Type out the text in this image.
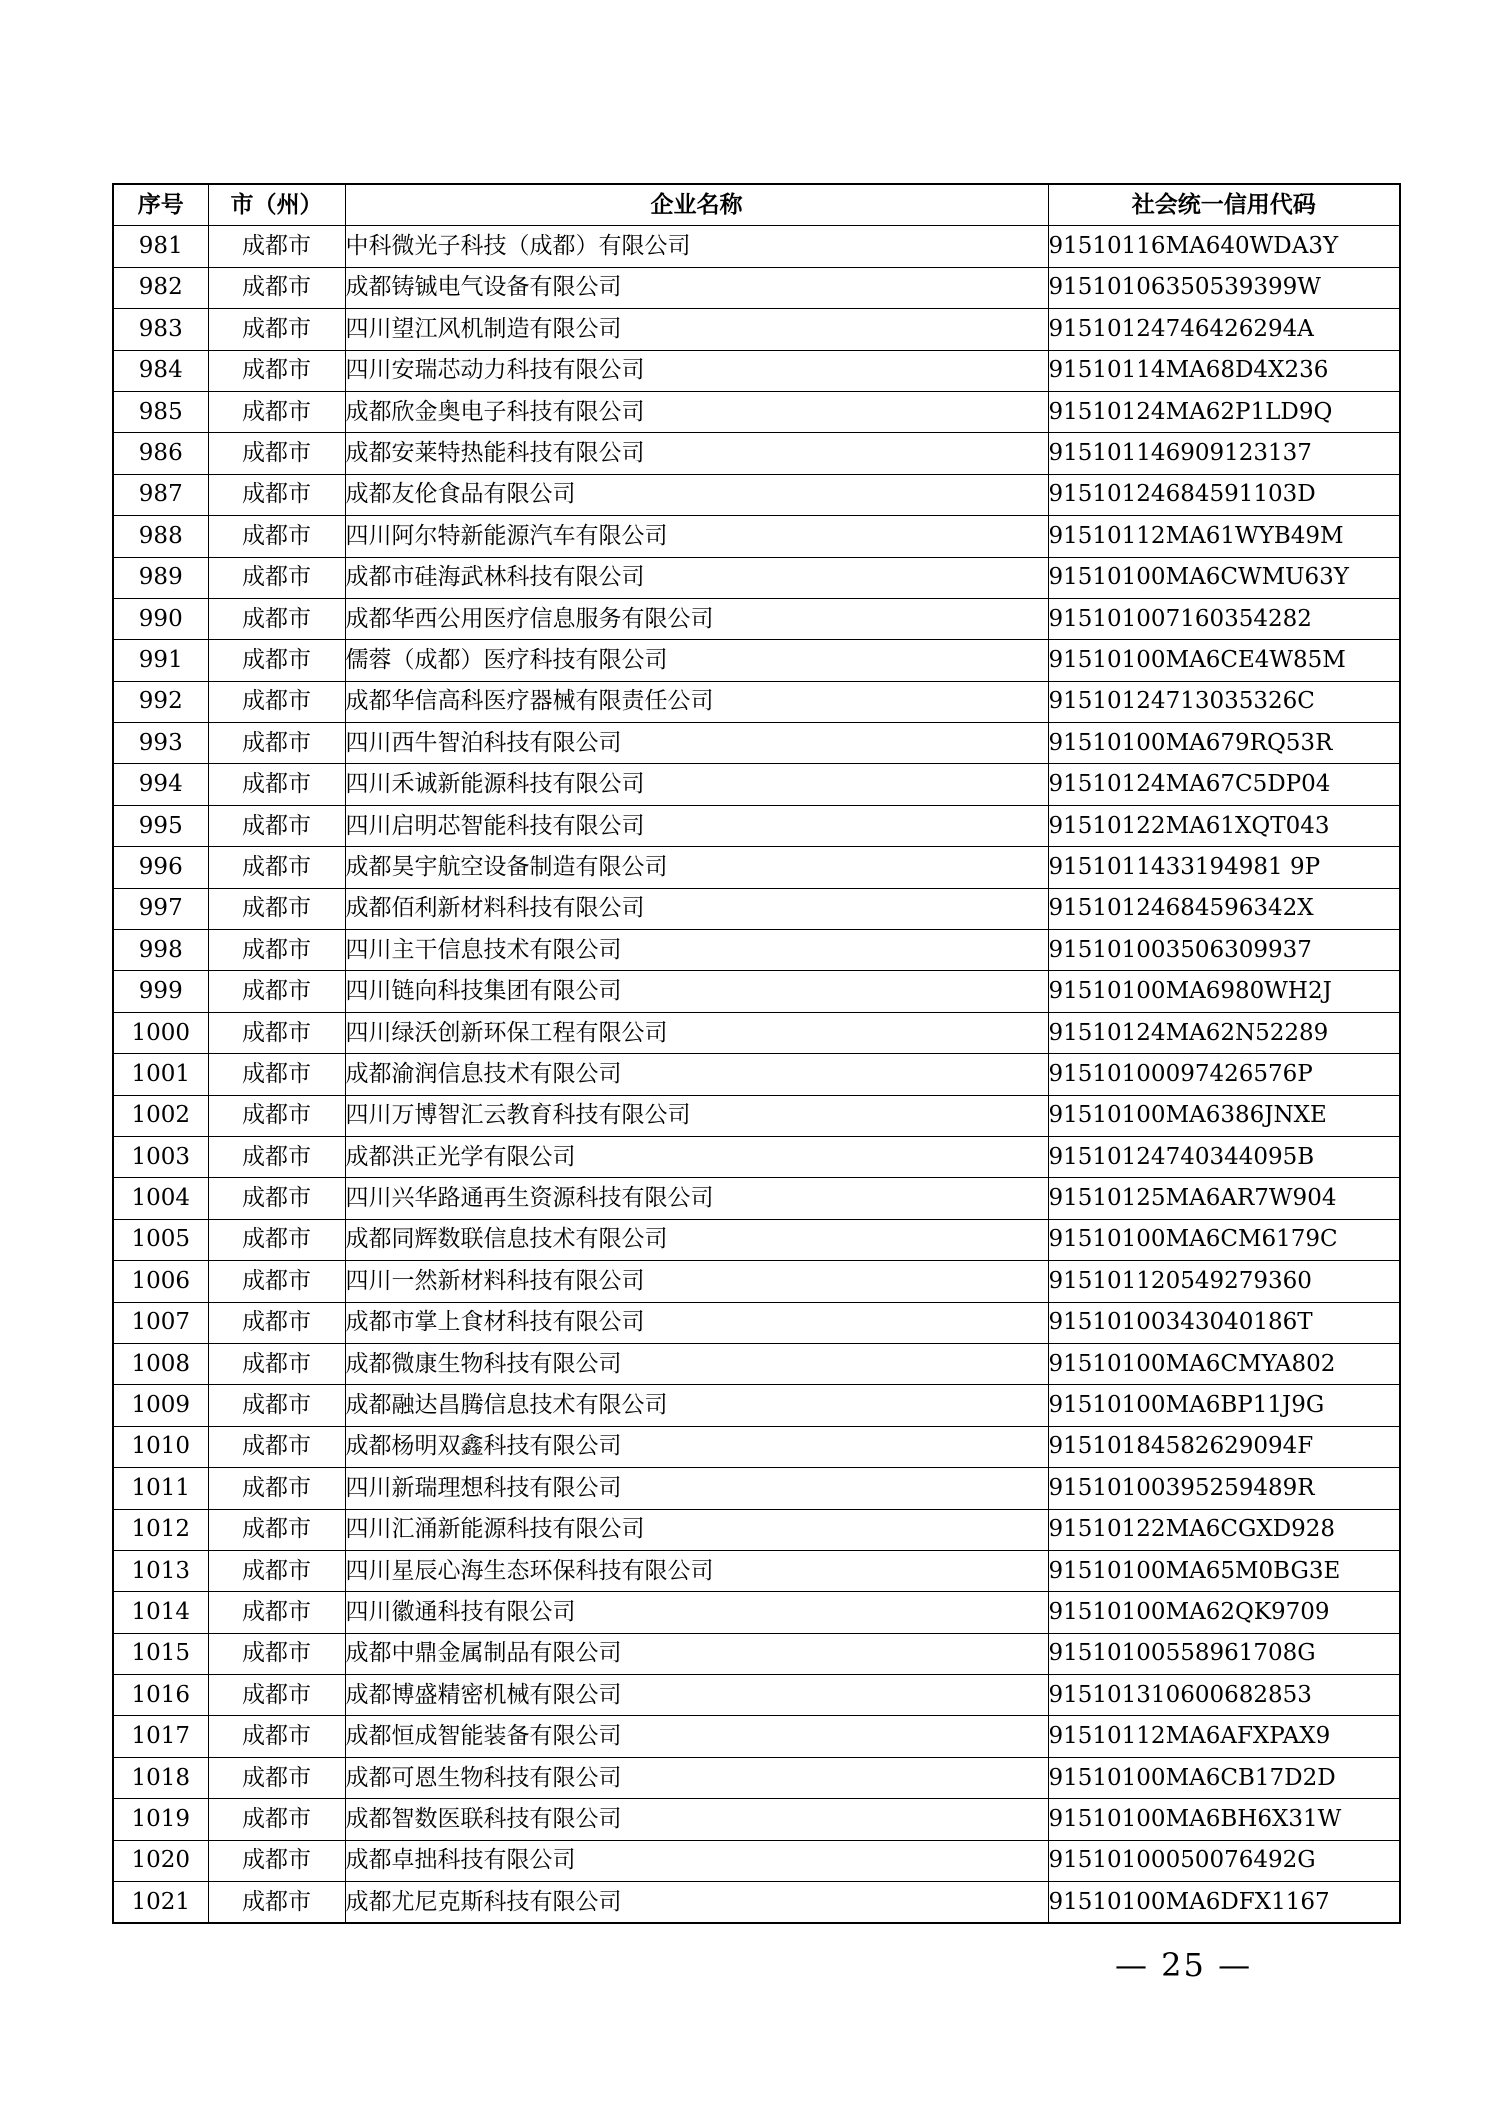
序号	市（州）	企业名称	社会统一信用代码
981	成都市	中科微光子科技（成都）有限公司	91510116MA640WDA3Y
982	成都市	成都铸铖电气设备有限公司	91510106350539399W
983	成都市	四川望江风机制造有限公司	91510124746426294A
984	成都市	四川安瑞芯动力科技有限公司	91510114MA68D4X236
985	成都市	成都欣金奥电子科技有限公司	91510124MA62P1LD9Q
986	成都市	成都安莱特热能科技有限公司	915101146909123137
987	成都市	成都友伦食品有限公司	91510124684591103D
988	成都市	四川阿尔特新能源汽车有限公司	91510112MA61WYB49M
989	成都市	成都市硅海武林科技有限公司	91510100MA6CWMU63Y
990	成都市	成都华西公用医疗信息服务有限公司	915101007160354282
991	成都市	儒蓉（成都）医疗科技有限公司	91510100MA6CE4W85M
992	成都市	成都华信高科医疗器械有限责任公司	91510124713035326C
993	成都市	四川西牛智泊科技有限公司	91510100MA679RQ53R
994	成都市	四川禾诚新能源科技有限公司	91510124MA67C5DP04
995	成都市	四川启明芯智能科技有限公司	91510122MA61XQT043
996	成都市	成都昊宇航空设备制造有限公司	9151011433194981 9P
997	成都市	成都佰利新材料科技有限公司	91510124684596342X
998	成都市	四川主干信息技术有限公司	915101003506309937
999	成都市	四川链向科技集团有限公司	91510100MA6980WH2J
1000	成都市	四川绿沃创新环保工程有限公司	91510124MA62N52289
1001	成都市	成都渝润信息技术有限公司	91510100097426576P
1002	成都市	四川万博智汇云教育科技有限公司	91510100MA6386JNXE
1003	成都市	成都洪正光学有限公司	91510124740344095B
1004	成都市	四川兴华路通再生资源科技有限公司	91510125MA6AR7W904
1005	成都市	成都同辉数联信息技术有限公司	91510100MA6CM6179C
1006	成都市	四川一然新材料科技有限公司	915101120549279360
1007	成都市	成都市掌上食材科技有限公司	91510100343040186T
1008	成都市	成都微康生物科技有限公司	91510100MA6CMYA802
1009	成都市	成都融达昌腾信息技术有限公司	91510100MA6BP11J9G
1010	成都市	成都杨明双鑫科技有限公司	91510184582629094F
1011	成都市	四川新瑞理想科技有限公司	91510100395259489R
1012	成都市	四川汇涌新能源科技有限公司	91510122MA6CGXD928
1013	成都市	四川星辰心海生态环保科技有限公司	91510100MA65M0BG3E
1014	成都市	四川徽通科技有限公司	91510100MA62QK9709
1015	成都市	成都中鼎金属制品有限公司	91510100558961708G
1016	成都市	成都博盛精密机械有限公司	915101310600682853
1017	成都市	成都恒成智能装备有限公司	91510112MA6AFXPAX9
1018	成都市	成都可恩生物科技有限公司	91510100MA6CB17D2D
1019	成都市	成都智数医联科技有限公司	91510100MA6BH6X31W
1020	成都市	成都卓拙科技有限公司	91510100050076492G
1021	成都市	成都尤尼克斯科技有限公司	91510100MA6DFX1167
— 25 —
